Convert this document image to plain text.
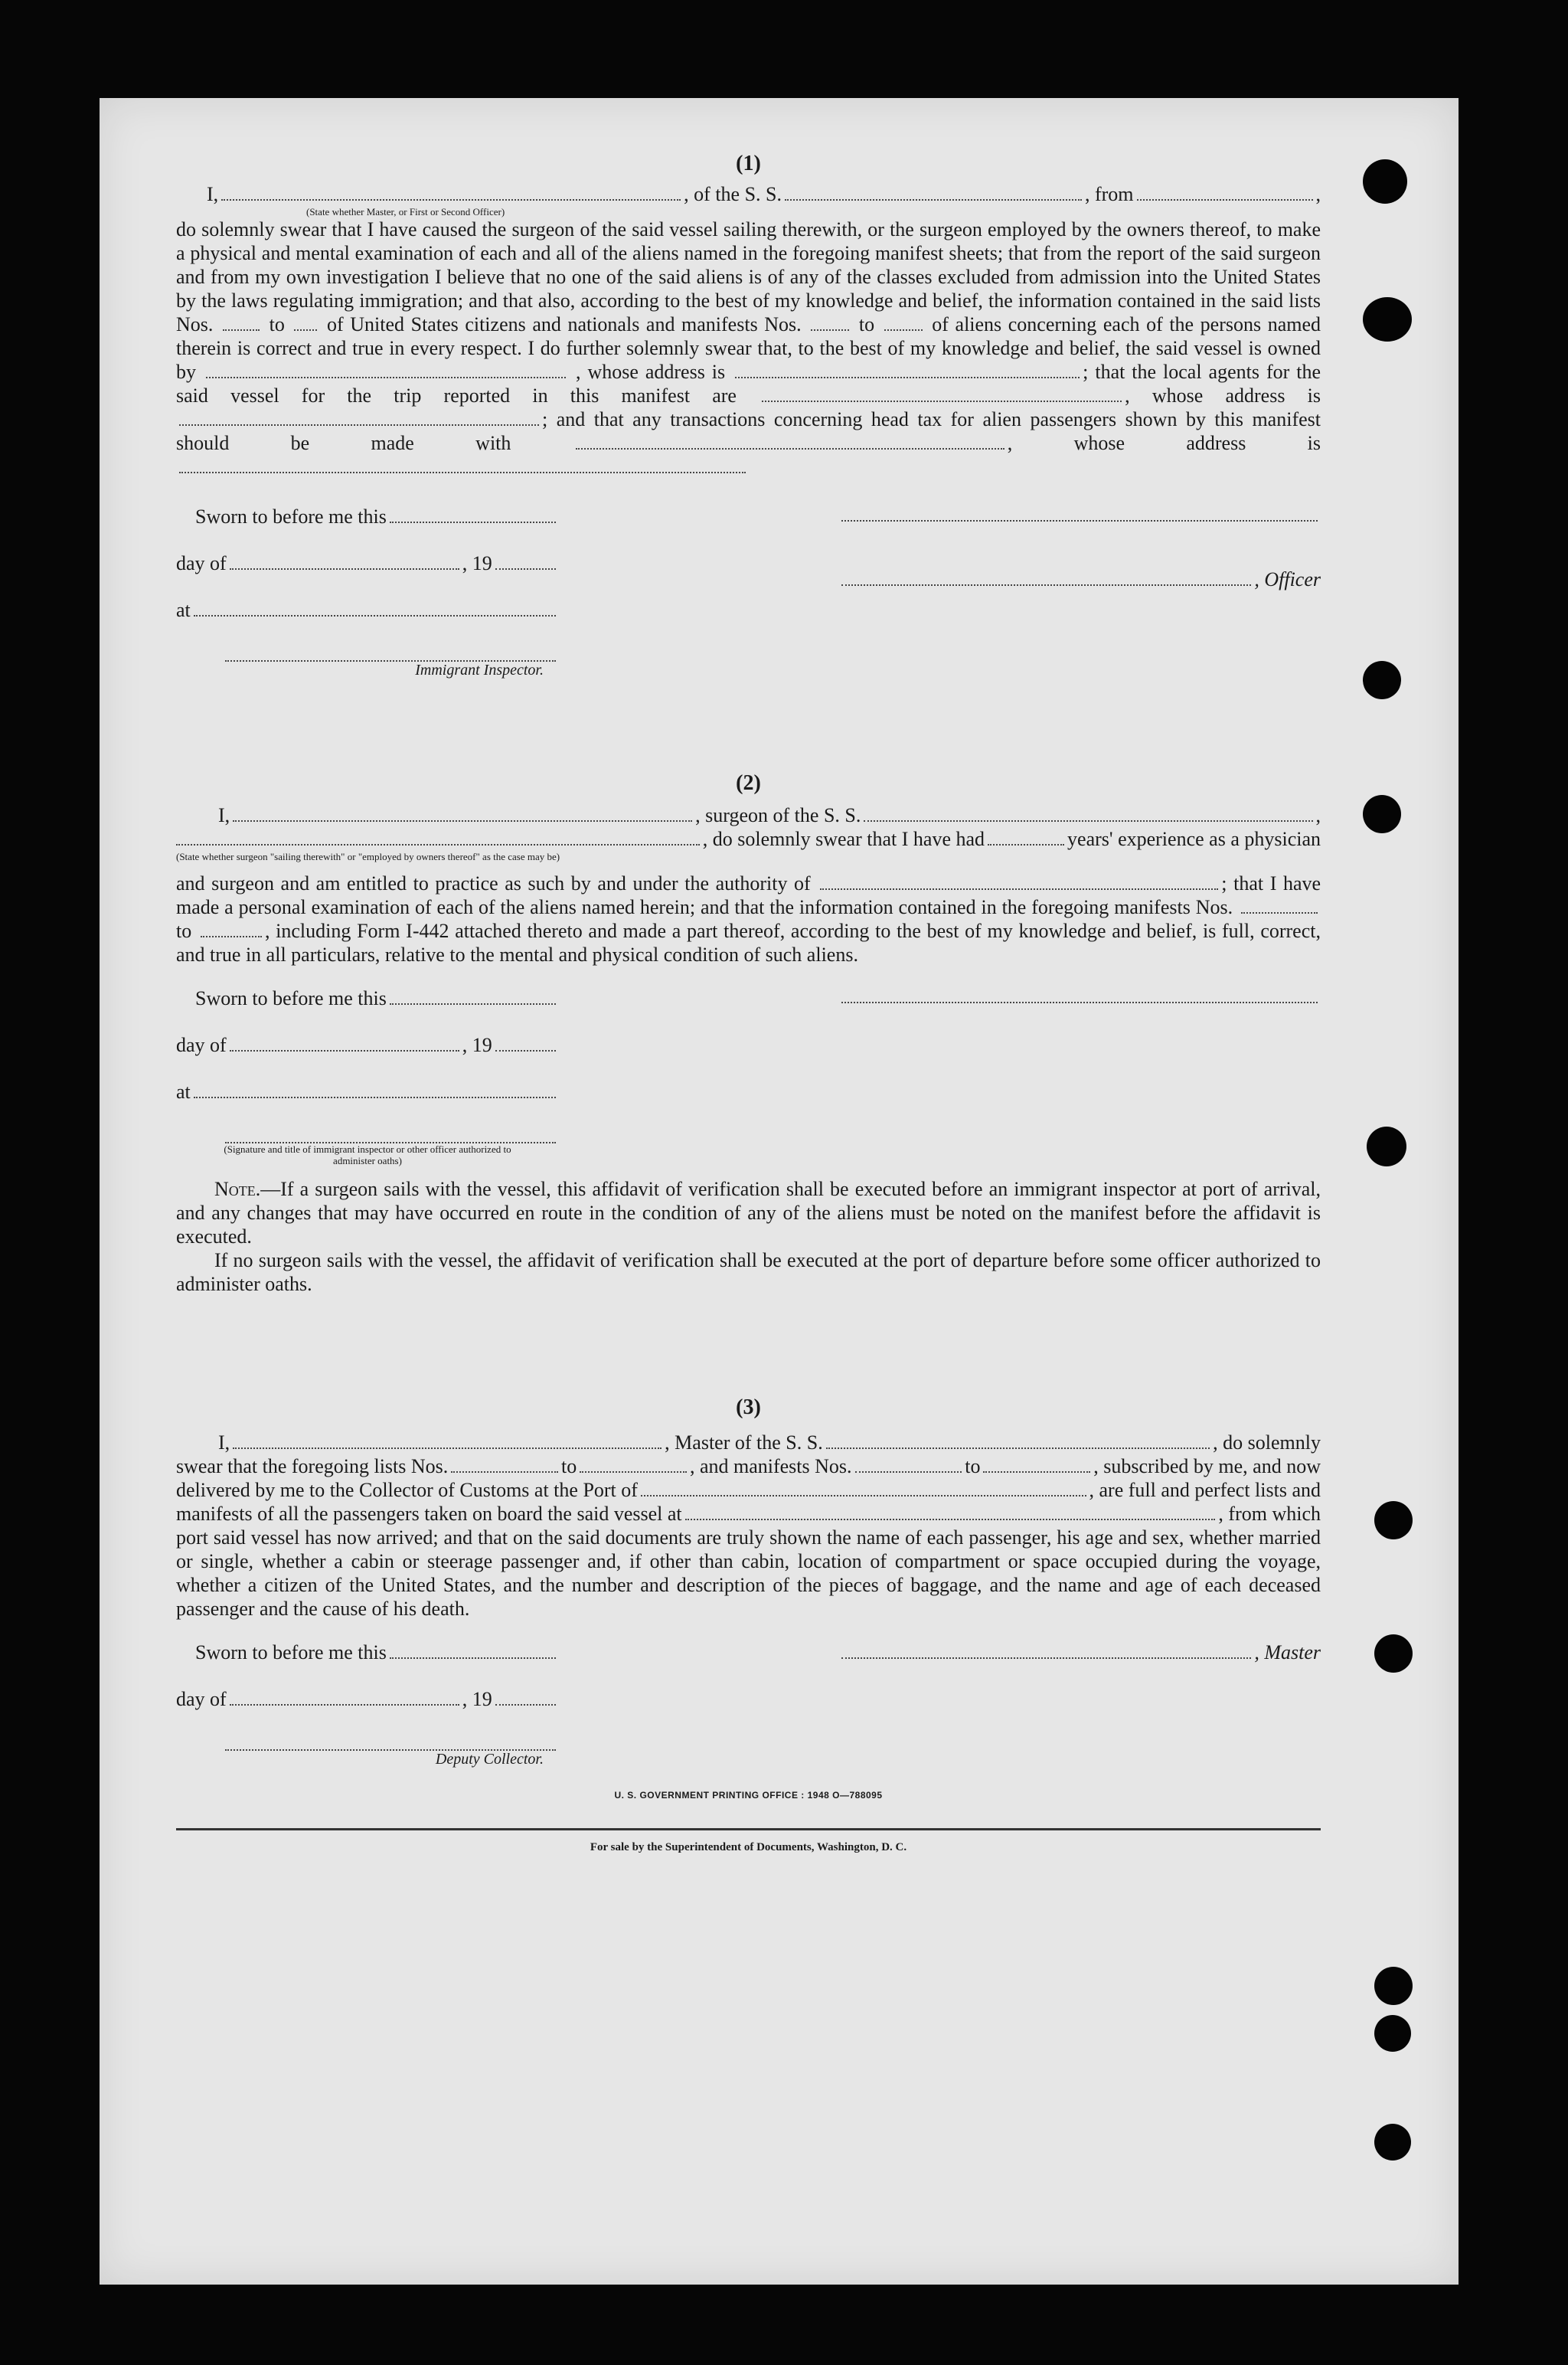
(1)
I,	, of the S. S.	, from	,
(State whether Master, or First or Second Officer)
do solemnly swear that I have caused the surgeon of the said vessel sailing therewith, or the surgeon employed by the owners thereof, to make a physical and mental examination of each and all of the aliens named in the foregoing manifest sheets; that from the report of the said surgeon and from my own investigation I believe that no one of the said aliens is of any of the classes excluded from admission into the United States by the laws regulating immigration; and that also, according to the best of my knowledge and belief, the information contained in the said lists Nos.	to of United States citizens and nationals and manifests Nos.	to	of aliens concerning each of the persons named therein is correct and true in every respect. I do further solemnly swear that, to the best of my knowledge and belief, the said vessel is owned by	, whose address is	; that the local agents for the said vessel for the trip reported in this manifest are	, whose address is ; and that any transactions concerning head tax for alien passengers shown by this manifest should be made with	, whose address is
Sworn to before me this
day of	, 19
at
Immigrant Inspector.
, Officer
(2)
I,	, surgeon of the S. S.	,
, do solemnly swear that I have had	years' experience as a physician
(State whether surgeon "sailing therewith" or "employed by owners thereof" as the case may be)
and surgeon and am entitled to practice as such by and under the authority of	; that I have made a personal examination of each of the aliens named herein; and that the information contained in the foregoing manifests Nos.  to	, including Form I-442 attached thereto and made a part thereof, according to the best of my knowledge and belief, is full, correct, and true in all particulars, relative to the mental and physical condition of such aliens.
Sworn to before me this
day of	, 19
at
(Signature and title of immigrant inspector or other officer authorized to administer oaths)
Note.—If a surgeon sails with the vessel, this affidavit of verification shall be executed before an immigrant inspector at port of arrival, and any changes that may have occurred en route in the condition of any of the aliens must be noted on the manifest before the affidavit is executed.
If no surgeon sails with the vessel, the affidavit of verification shall be executed at the port of departure before some officer authorized to administer oaths.
(3)
I,	, Master of the S. S.	, do solemnly
swear that the foregoing lists Nos.	to	, and manifests Nos.	to	, subscribed by me, and now
delivered by me to the Collector of Customs at the Port of	, are full and perfect lists and
manifests of all the passengers taken on board the said vessel at	, from which
port said vessel has now arrived; and that on the said documents are truly shown the name of each passenger, his age and sex, whether married or single, whether a cabin or steerage passenger and, if other than cabin, location of compartment or space occupied during the voyage, whether a citizen of the United States, and the number and description of the pieces of baggage, and the name and age of each deceased passenger and the cause of his death.
Sworn to before me this
day of	, 19
Deputy Collector.
, Master
U. S. GOVERNMENT PRINTING OFFICE : 1948 O—788095
For sale by the Superintendent of Documents, Washington, D. C.
